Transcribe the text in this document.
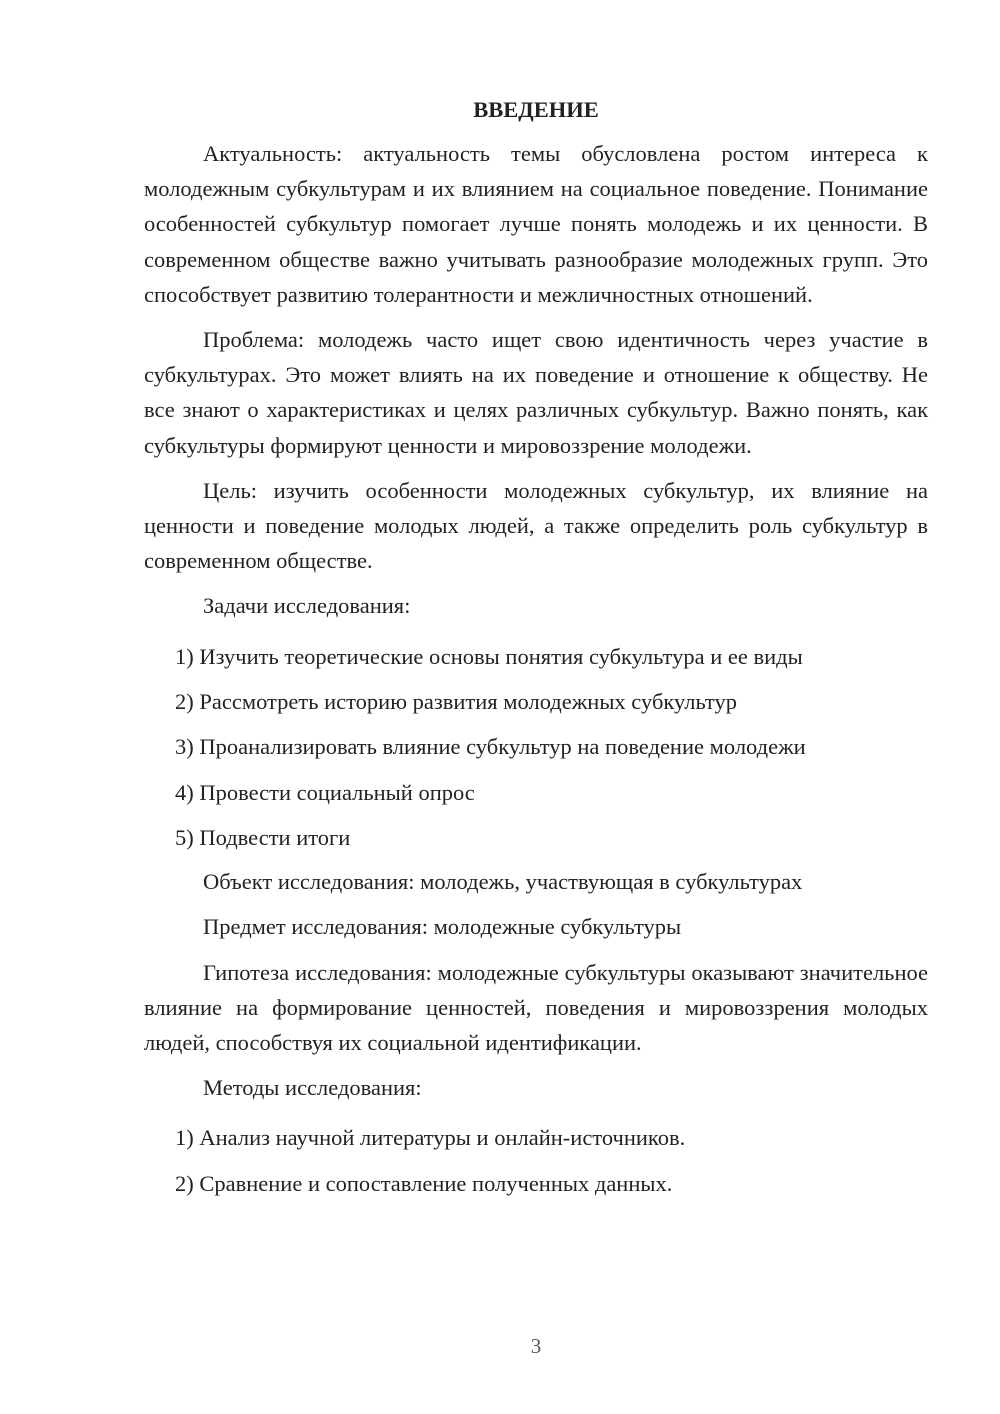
ВВЕДЕНИЕ
Актуальность: актуальность темы обусловлена ростом интереса к молодежным субкультурам и их влиянием на социальное поведение. Понимание особенностей субкультур помогает лучше понять молодежь и их ценности. В современном обществе важно учитывать разнообразие молодежных групп. Это способствует развитию толерантности и межличностных отношений.
Проблема: молодежь часто ищет свою идентичность через участие в субкультурах. Это может влиять на их поведение и отношение к обществу. Не все знают о характеристиках и целях различных субкультур. Важно понять, как субкультуры формируют ценности и мировоззрение молодежи.
Цель: изучить особенности молодежных субкультур, их влияние на ценности и поведение молодых людей, а также определить роль субкультур в современном обществе.
Задачи исследования:
1) Изучить теоретические основы понятия субкультура и ее виды
2) Рассмотреть историю развития молодежных субкультур
3) Проанализировать влияние субкультур на поведение молодежи
4) Провести социальный опрос
5) Подвести итоги
Объект исследования: молодежь, участвующая в субкультурах
Предмет исследования: молодежные субкультуры
Гипотеза исследования: молодежные субкультуры оказывают значительное влияние на формирование ценностей, поведения и мировоззрения молодых людей, способствуя их социальной идентификации.
Методы исследования:
1) Анализ научной литературы и онлайн-источников.
2) Сравнение и сопоставление полученных данных.
3
